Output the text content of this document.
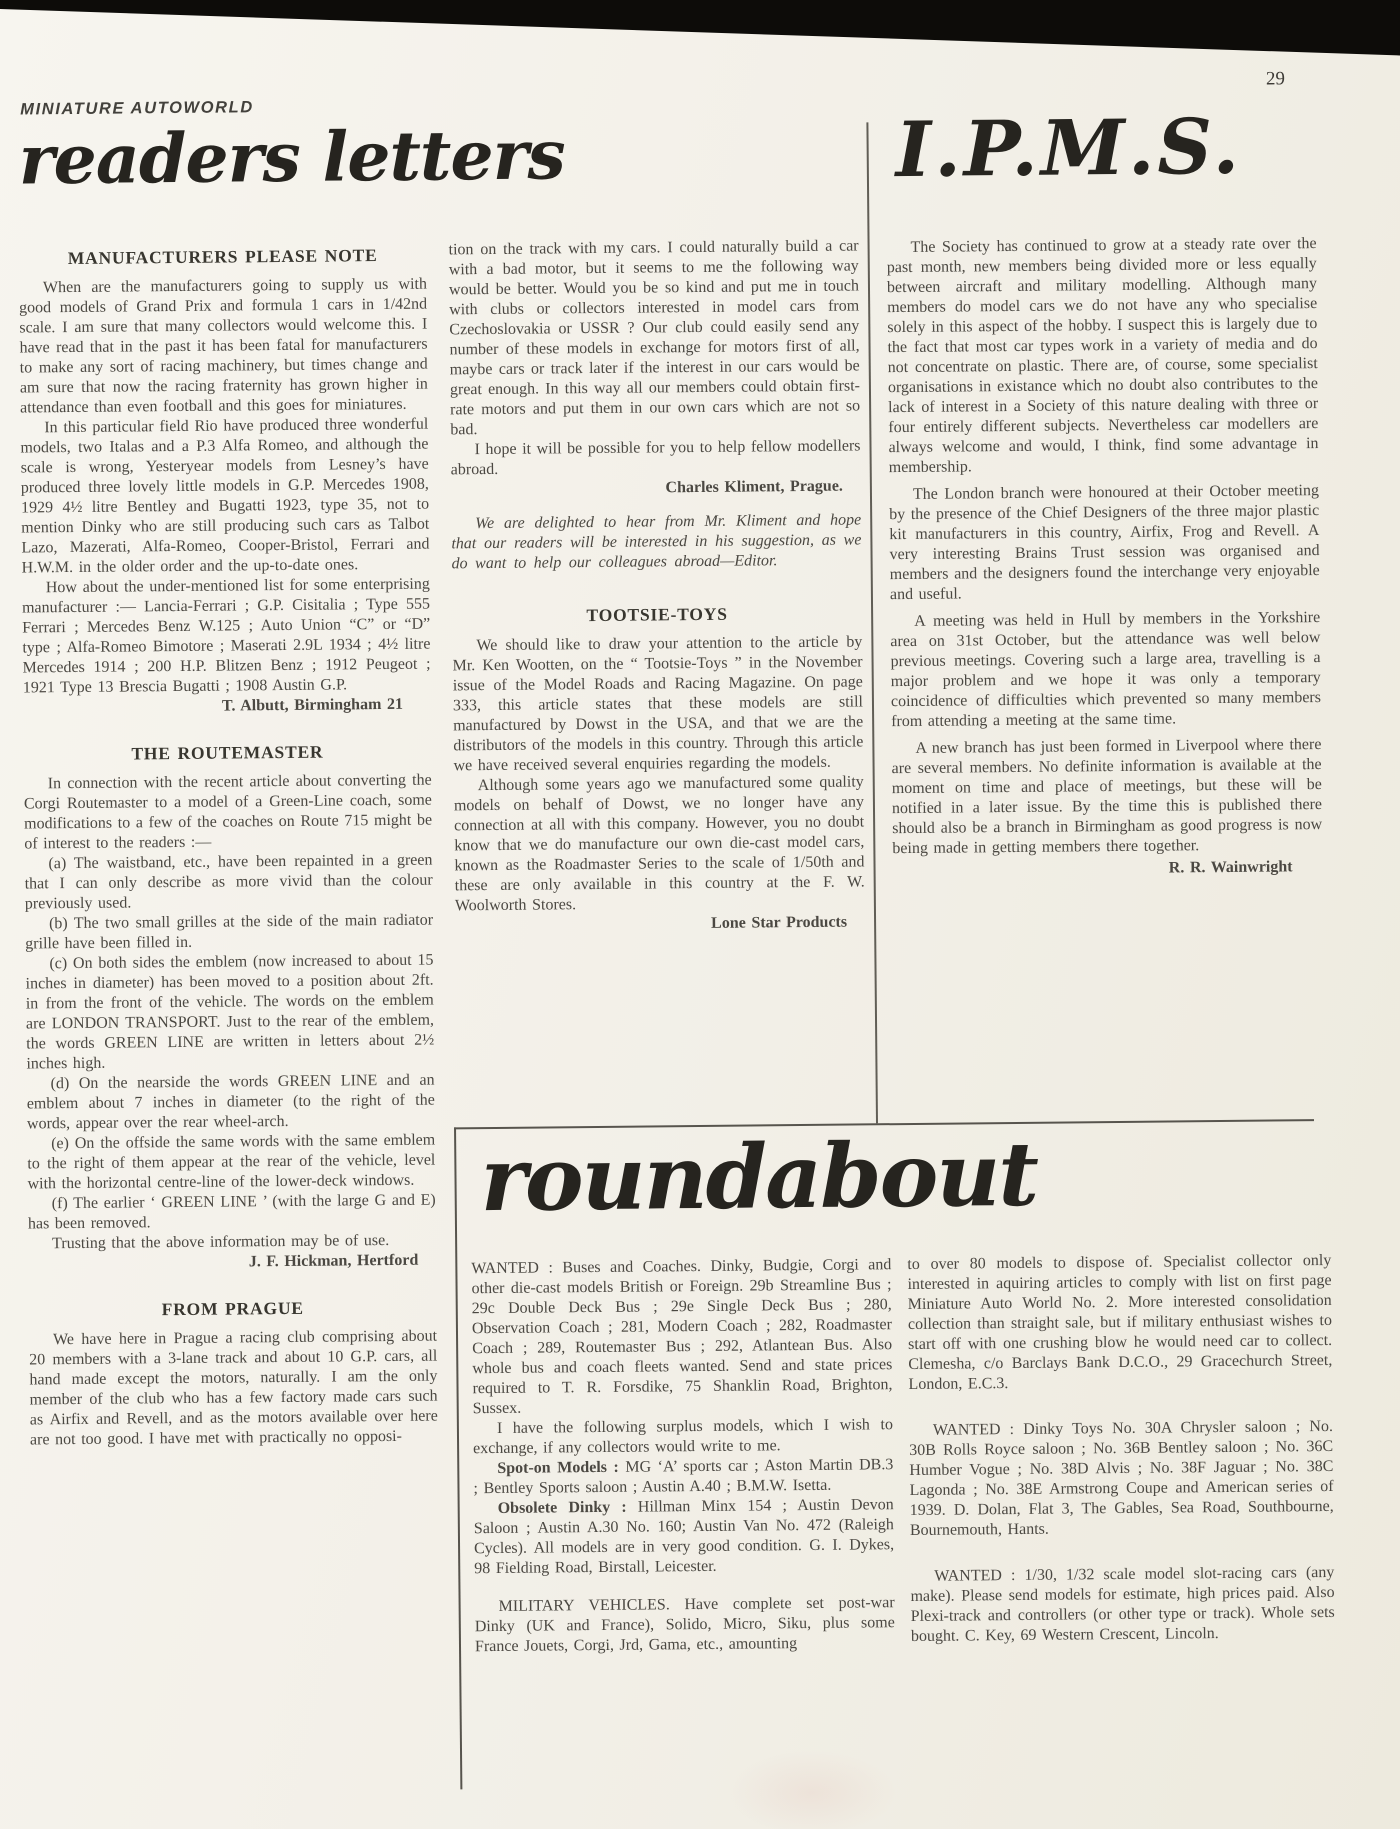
MINIATURE AUTOWORLD
29
readers letters	I.P.M.S.
MANUFACTURERS PLEASE NOTE

When are the manufacturers going to supply us with good models of Grand Prix and formula 1 cars in 1/42nd scale. I am sure that many collectors would welcome this. I have read that in the past it has been fatal for manufacturers to make any sort of racing machinery, but times change and am sure that now the racing fraternity has grown higher in attendance than even football and this goes for miniatures.

In this particular field Rio have produced three wonderful models, two Italas and a P.3 Alfa Romeo, and although the scale is wrong, Yesteryear models from Lesney’s have produced three lovely little models in G.P. Mercedes 1908, 1929 4½ litre Bentley and Bugatti 1923, type 35, not to mention Dinky who are still producing such cars as Talbot Lazo, Mazerati, Alfa-Romeo, Cooper-Bristol, Ferrari and H.W.M. in the older order and the up-to-date ones.

How about the under-mentioned list for some enterprising manufacturer :— Lancia-Ferrari ; G.P. Cisitalia ; Type 555 Ferrari ; Mercedes Benz W.125 ; Auto Union “C” or “D” type ; Alfa-Romeo Bimotore ; Maserati 2.9L 1934 ; 4½ litre Mercedes 1914 ; 200 H.P. Blitzen Benz ; 1912 Peugeot ; 1921 Type 13 Brescia Bugatti ; 1908 Austin G.P.

T. Albutt, Birmingham 21

THE ROUTEMASTER

In connection with the recent article about converting the Corgi Routemaster to a model of a Green-Line coach, some modifications to a few of the coaches on Route 715 might be of interest to the readers :—

(a) The waistband, etc., have been repainted in a green that I can only describe as more vivid than the colour previously used.

(b) The two small grilles at the side of the main radiator grille have been filled in.

(c) On both sides the emblem (now increased to about 15 inches in diameter) has been moved to a position about 2ft. in from the front of the vehicle. The words on the emblem are LONDON TRANSPORT. Just to the rear of the emblem, the words GREEN LINE are written in letters about 2½ inches high.

(d) On the nearside the words GREEN LINE and an emblem about 7 inches in diameter (to the right of the words, appear over the rear wheel-arch.

(e) On the offside the same words with the same emblem to the right of them appear at the rear of the vehicle, level with the horizontal centre-line of the lower-deck windows.

(f) The earlier ‘ GREEN LINE ’ (with the large G and E) has been removed.

Trusting that the above information may be of use.

J. F. Hickman, Hertford

FROM PRAGUE

We have here in Prague a racing club comprising about 20 members with a 3-lane track and about 10 G.P. cars, all hand made except the motors, naturally. I am the only member of the club who has a few factory made cars such as Airfix and Revell, and as the motors available over here are not too good. I have met with practically no opposi-

tion on the track with my cars. I could naturally build a car with a bad motor, but it seems to me the following way would be better. Would you be so kind and put me in touch with clubs or collectors interested in model cars from Czechoslovakia or USSR ? Our club could easily send any number of these models in exchange for motors first of all, maybe cars or track later if the interest in our cars would be great enough. In this way all our members could obtain first-rate motors and put them in our own cars which are not so bad.

I hope it will be possible for you to help fellow modellers abroad.

Charles Kliment, Prague.

We are delighted to hear from Mr. Kliment and hope that our readers will be interested in his suggestion, as we do want to help our colleagues abroad—Editor.

TOOTSIE-TOYS

We should like to draw your attention to the article by Mr. Ken Wootten, on the “ Tootsie-Toys ” in the November issue of the Model Roads and Racing Magazine. On page 333, this article states that these models are still manufactured by Dowst in the USA, and that we are the distributors of the models in this country. Through this article we have received several enquiries regarding the models.

Although some years ago we manufactured some quality models on behalf of Dowst, we no longer have any connection at all with this company. However, you no doubt know that we do manufacture our own die-cast model cars, known as the Roadmaster Series to the scale of 1/50th and these are only available in this country at the F. W. Woolworth Stores.

Lone Star Products

The Society has continued to grow at a steady rate over the past month, new members being divided more or less equally between aircraft and military modelling. Although many members do model cars we do not have any who specialise solely in this aspect of the hobby. I suspect this is largely due to the fact that most car types work in a variety of media and do not concentrate on plastic. There are, of course, some specialist organisations in existance which no doubt also contributes to the lack of interest in a Society of this nature dealing with three or four entirely different subjects. Nevertheless car modellers are always welcome and would, I think, find some advantage in membership.

The London branch were honoured at their October meeting by the presence of the Chief Designers of the three major plastic kit manufacturers in this country, Airfix, Frog and Revell. A very interesting Brains Trust session was organised and members and the designers found the interchange very enjoyable and useful.

A meeting was held in Hull by members in the Yorkshire area on 31st October, but the attendance was well below previous meetings. Covering such a large area, travelling is a major problem and we hope it was only a temporary coincidence of difficulties which prevented so many members from attending a meeting at the same time.

A new branch has just been formed in Liverpool where there are several members. No definite information is available at the moment on time and place of meetings, but these will be notified in a later issue. By the time this is published there should also be a branch in Birmingham as good progress is now being made in getting members there together.

R. R. Wainwright

roundabout

WANTED : Buses and Coaches. Dinky, Budgie, Corgi and other die-cast models British or Foreign. 29b Streamline Bus ; 29c Double Deck Bus ; 29e Single Deck Bus ; 280, Observation Coach ; 281, Modern Coach ; 282, Roadmaster Coach ; 289, Routemaster Bus ; 292, Atlantean Bus. Also whole bus and coach fleets wanted. Send and state prices required to T. R. Forsdike, 75 Shanklin Road, Brighton, Sussex.

I have the following surplus models, which I wish to exchange, if any collectors would write to me.

Spot-on Models : MG ‘A’ sports car ; Aston Martin DB.3 ; Bentley Sports saloon ; Austin A.40 ; B.M.W. Isetta.

Obsolete Dinky : Hillman Minx 154 ; Austin Devon Saloon ; Austin A.30 No. 160; Austin Van No. 472 (Raleigh Cycles). All models are in very good condition. G. I. Dykes, 98 Fielding Road, Birstall, Leicester.

MILITARY VEHICLES. Have complete set post-war Dinky (UK and France), Solido, Micro, Siku, plus some France Jouets, Corgi, Jrd, Gama, etc., amounting

to over 80 models to dispose of. Specialist collector only interested in aquiring articles to comply with list on first page Miniature Auto World No. 2. More interested consolidation collection than straight sale, but if military enthusiast wishes to start off with one crushing blow he would need car to collect. Clemesha, c/o Barclays Bank D.C.O., 29 Gracechurch Street, London, E.C.3.

WANTED : Dinky Toys No. 30A Chrysler saloon ; No. 30B Rolls Royce saloon ; No. 36B Bentley saloon ; No. 36C Humber Vogue ; No. 38D Alvis ; No. 38F Jaguar ; No. 38C Lagonda ; No. 38E Armstrong Coupe and American series of 1939. D. Dolan, Flat 3, The Gables, Sea Road, Southbourne, Bournemouth, Hants.

WANTED : 1/30, 1/32 scale model slot-racing cars (any make). Please send models for estimate, high prices paid. Also Plexi-track and controllers (or other type or track). Whole sets bought. C. Key, 69 Western Crescent, Lincoln.
